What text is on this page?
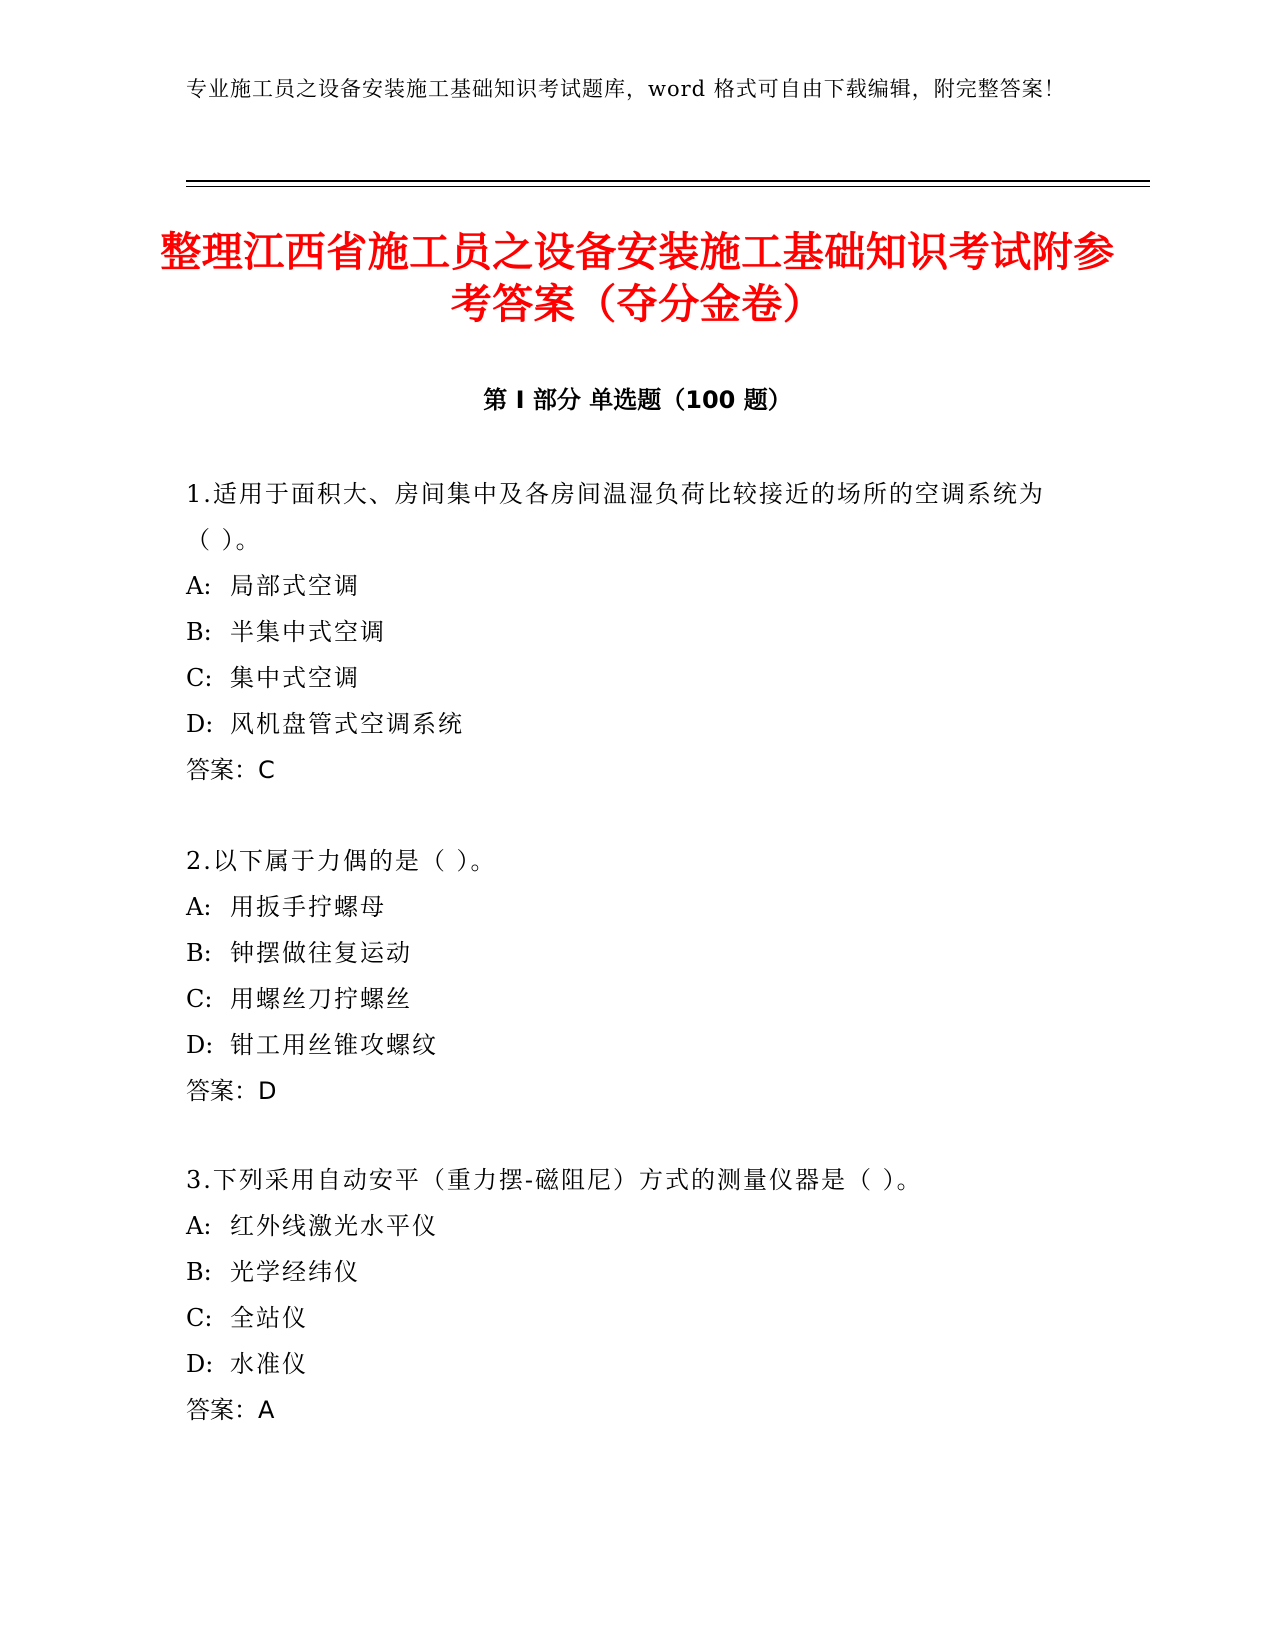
专业施工员之设备安装施工基础知识考试题库，word 格式可自由下载编辑，附完整答案！
整理江西省施工员之设备安装施工基础知识考试附参考答案（夺分金卷）
第 I 部分 单选题（100 题）
1.适用于面积大、房间集中及各房间温湿负荷比较接近的场所的空调系统为（ ）。
A: 局部式空调
B: 半集中式空调
C: 集中式空调
D: 风机盘管式空调系统
答案：C
2.以下属于力偶的是（ ）。
A: 用扳手拧螺母
B: 钟摆做往复运动
C: 用螺丝刀拧螺丝
D: 钳工用丝锥攻螺纹
答案：D
3.下列采用自动安平（重力摆-磁阻尼）方式的测量仪器是（ ）。
A: 红外线激光水平仪
B: 光学经纬仪
C: 全站仪
D: 水准仪
答案：A
